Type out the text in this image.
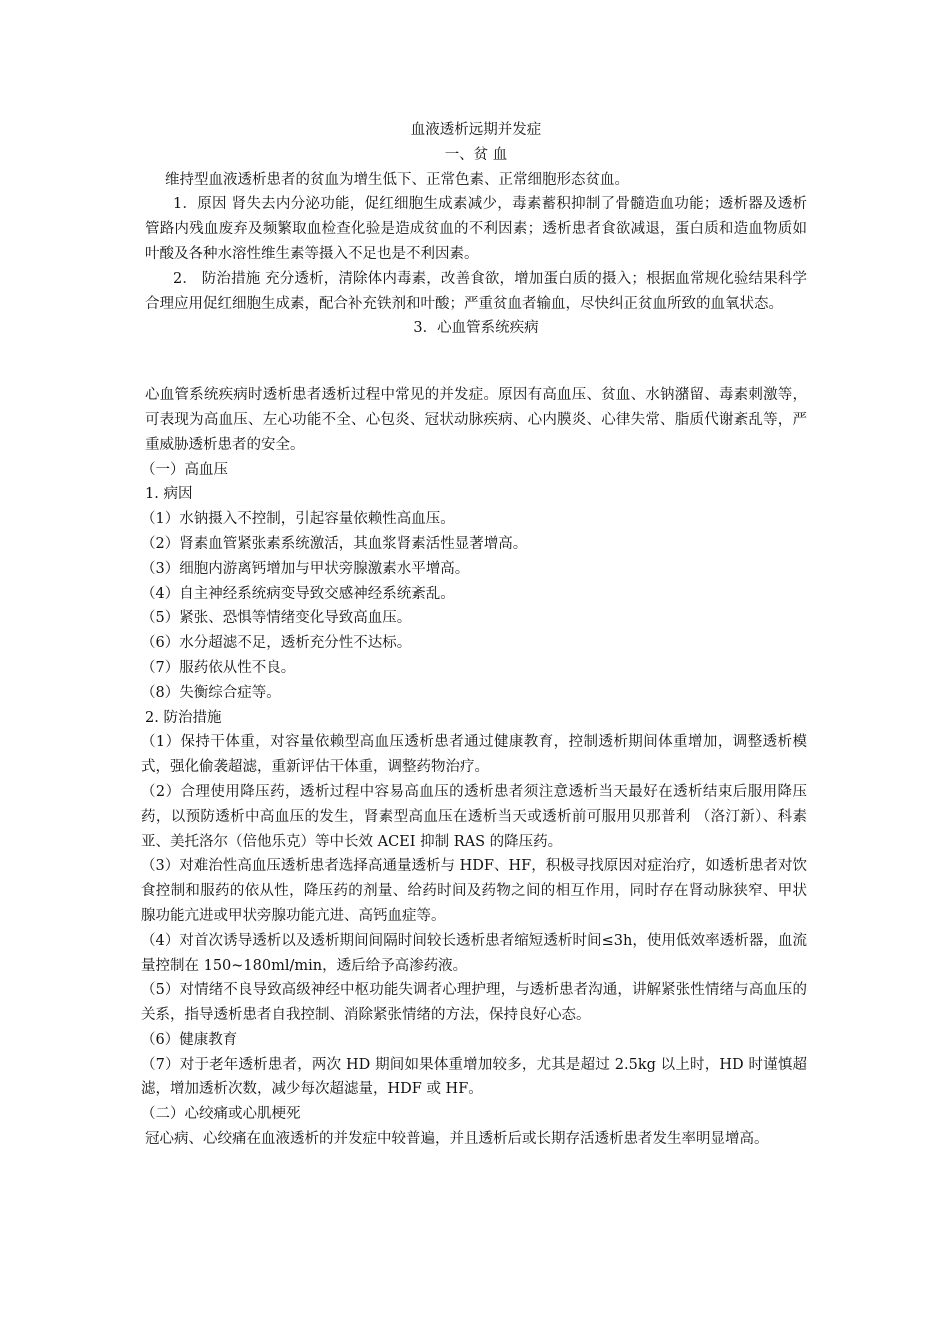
血液透析远期并发症
一、贫 血
维持型血液透析患者的贫血为增生低下、正常色素、正常细胞形态贫血。
1．原因 肾失去内分泌功能，促红细胞生成素减少，毒素蓄积抑制了骨髓造血功能；透析器及透析管路内残血废弃及频繁取血检查化验是造成贫血的不利因素；透析患者食欲减退，蛋白质和造血物质如叶酸及各种水溶性维生素等摄入不足也是不利因素。
2． 防治措施 充分透析，清除体内毒素，改善食欲，增加蛋白质的摄入；根据血常规化验结果科学合理应用促红细胞生成素，配合补充铁剂和叶酸；严重贫血者输血，尽快纠正贫血所致的血氧状态。
3．心血管系统疾病
心血管系统疾病时透析患者透析过程中常见的并发症。原因有高血压、贫血、水钠潴留、毒素刺激等，可表现为高血压、左心功能不全、心包炎、冠状动脉疾病、心内膜炎、心律失常、脂质代谢紊乱等，严重威胁透析患者的安全。
（一）高血压
1. 病因
（1）水钠摄入不控制，引起容量依赖性高血压。
（2）肾素血管紧张素系统激活，其血浆肾素活性显著增高。
（3）细胞内游离钙增加与甲状旁腺激素水平增高。
（4）自主神经系统病变导致交感神经系统紊乱。
（5）紧张、恐惧等情绪变化导致高血压。
（6）水分超滤不足，透析充分性不达标。
（7）服药依从性不良。
（8）失衡综合症等。
2. 防治措施
（1）保持干体重，对容量依赖型高血压透析患者通过健康教育，控制透析期间体重增加，调整透析模式，强化偷袭超滤，重新评估干体重，调整药物治疗。
（2）合理使用降压药，透析过程中容易高血压的透析患者须注意透析当天最好在透析结束后服用降压药，以预防透析中高血压的发生，肾素型高血压在透析当天或透析前可服用贝那普利 （洛汀新）、科素亚、美托洛尔（倍他乐克）等中长效 ACEI 抑制 RAS 的降压药。
（3）对难治性高血压透析患者选择高通量透析与 HDF、HF，积极寻找原因对症治疗，如透析患者对饮食控制和服药的依从性，降压药的剂量、给药时间及药物之间的相互作用，同时存在肾动脉狭窄、甲状腺功能亢进或甲状旁腺功能亢进、高钙血症等。
（4）对首次诱导透析以及透析期间间隔时间较长透析患者缩短透析时间≤3h，使用低效率透析器，血流量控制在 150~180ml/min，透后给予高渗药液。
（5）对情绪不良导致高级神经中枢功能失调者心理护理，与透析患者沟通，讲解紧张性情绪与高血压的关系，指导透析患者自我控制、消除紧张情绪的方法，保持良好心态。
（6）健康教育
（7）对于老年透析患者，两次 HD 期间如果体重增加较多，尤其是超过 2.5kg 以上时，HD 时谨慎超滤，增加透析次数，减少每次超滤量，HDF 或 HF。
（二）心绞痛或心肌梗死
冠心病、心绞痛在血液透析的并发症中较普遍，并且透析后或长期存活透析患者发生率明显增高。
